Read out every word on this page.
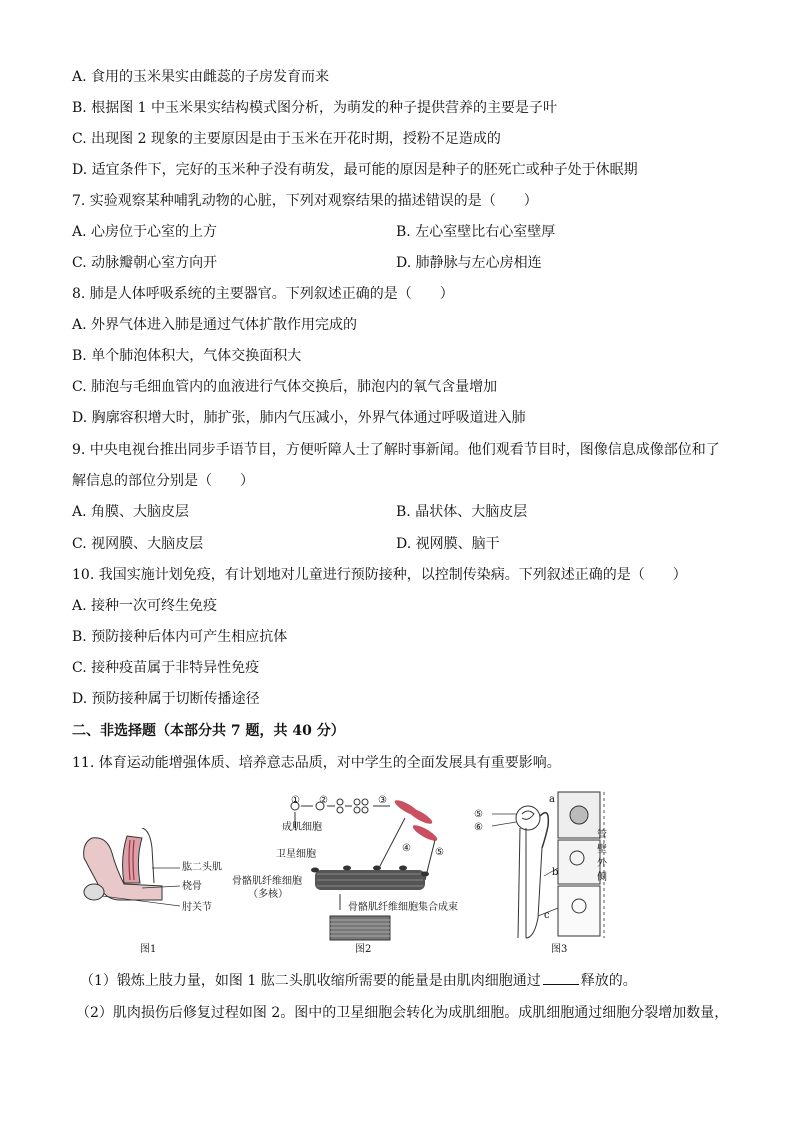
A. 食用的玉米果实由雌蕊的子房发育而来
B. 根据图 1 中玉米果实结构模式图分析，为萌发的种子提供营养的主要是子叶
C. 出现图 2 现象的主要原因是由于玉米在开花时期，授粉不足造成的
D. 适宜条件下，完好的玉米种子没有萌发，最可能的原因是种子的胚死亡或种子处于休眠期
7. 实验观察某种哺乳动物的心脏，下列对观察结果的描述错误的是（　　）
A. 心房位于心室的上方	B. 左心室壁比右心室壁厚
C. 动脉瓣朝心室方向开	D. 肺静脉与左心房相连
8. 肺是人体呼吸系统的主要器官。下列叙述正确的是（　　）
A. 外界气体进入肺是通过气体扩散作用完成的
B. 单个肺泡体积大，气体交换面积大
C. 肺泡与毛细血管内的血液进行气体交换后，肺泡内的氧气含量增加
D. 胸廓容积增大时，肺扩张，肺内气压减小，外界气体通过呼吸道进入肺
9. 中央电视台推出同步手语节目，方便听障人士了解时事新闻。他们观看节目时，图像信息成像部位和了
解信息的部位分别是（　　）
A. 角膜、大脑皮层	B. 晶状体、大脑皮层
C. 视网膜、大脑皮层	D. 视网膜、脑干
10. 我国实施计划免疫，有计划地对儿童进行预防接种，以控制传染病。下列叙述正确的是（　　）
A. 接种一次可终生免疫
B. 预防接种后体内可产生相应抗体
C. 接种疫苗属于非特异性免疫
D. 预防接种属于切断传播途径
二、非选择题（本部分共 7 题，共 40 分）
11. 体育运动能增强体质、培养意志品质，对中学生的全面发展具有重要影响。
肱二头肌
桡骨
肘关节
图1
① ②	③
④ ⑤
成肌细胞
卫星细胞
骨骼肌纤维细胞
（多核）
骨骼肌纤维细胞集合成束
图2
a
b
c
⑤
⑥
管
壁
外
侧
图3
（1）锻炼上肢力量，如图 1 肱二头肌收缩所需要的能量是由肌肉细胞通过	释放的。
（2）肌肉损伤后修复过程如图 2。图中的卫星细胞会转化为成肌细胞。成肌细胞通过细胞分裂增加数量，
